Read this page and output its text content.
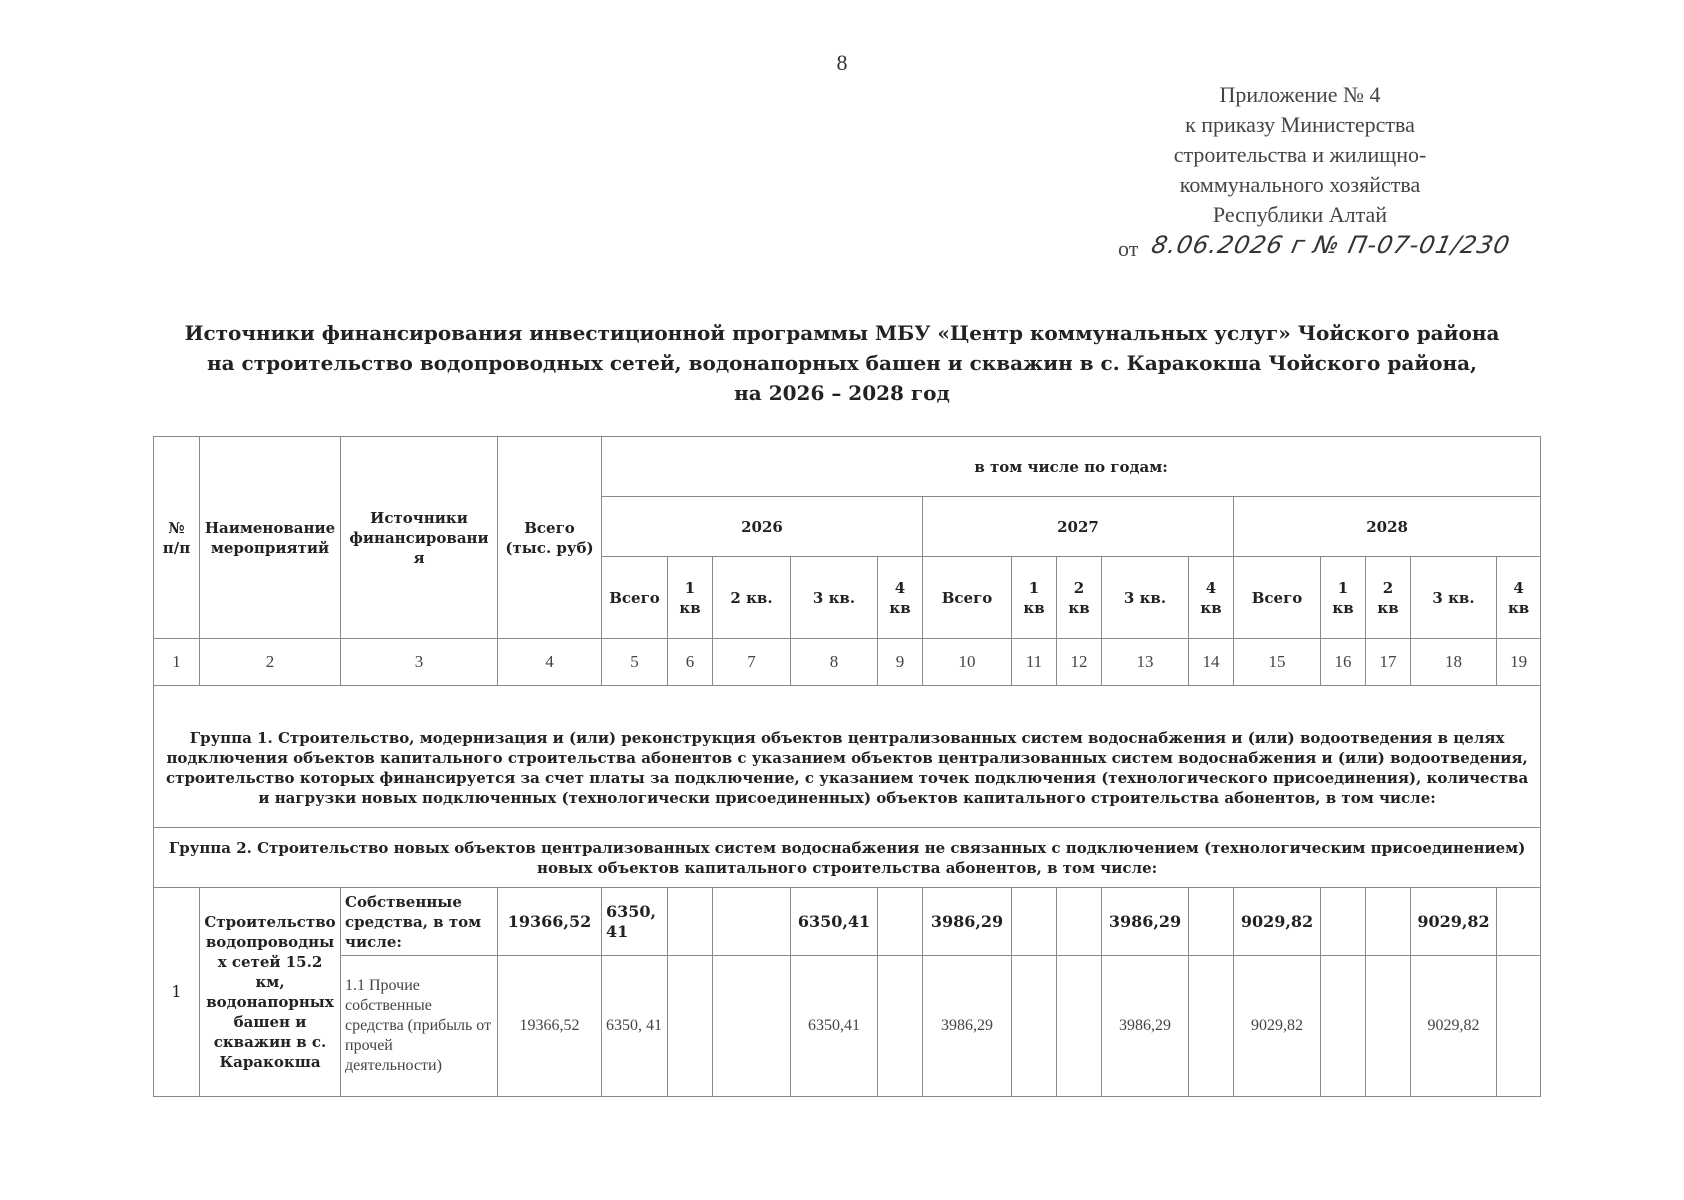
8
Приложение № 4
к приказу Министерства
строительства и жилищно-
коммунального хозяйства
Республики Алтай
от 8.06.2026 г № П-07-01/230
Источники финансирования инвестиционной программы МБУ «Центр коммунальных услуг» Чойского района
на строительство водопроводных сетей, водонапорных башен и скважин в с. Каракокша Чойского района,
на 2026 – 2028 год
№ п/п	Наименование мероприятий	Источники финансирования	Всего (тыс. руб)	в том числе по годам:														
				2026					2027					2028				
				Всего	1 кв	2 кв.	3 кв.	4 кв	Всего	1 кв	2 кв	3 кв.	4 кв	Всего	1 кв	2 кв	3 кв.	4 кв
1	2	3	4	5	6	7	8	9	10	11	12	13	14	15	16	17	18	19
Группа 1. Строительство, модернизация и (или) реконструкция объектов централизованных систем водоснабжения и (или) водоотведения в целях подключения объектов капитального строительства абонентов с указанием объектов централизованных систем водоснабжения и (или) водоотведения, строительство которых финансируется за счет платы за подключение, с указанием точек подключения (технологического присоединения), количества и нагрузки новых подключенных (технологически присоединенных) объектов капитального строительства абонентов, в том числе:																		
Группа 2. Строительство новых объектов централизованных систем водоснабжения не связанных с подключением (технологическим присоединением) новых объектов капитального строительства абонентов, в том числе:																		
1	Строительство водопроводных сетей 15.2 км, водонапорных башен и скважин в с. Каракокша	Собственные средства, в том числе:	19366,52	6350, 41			6350,41		3986,29			3986,29		9029,82			9029,82	
		1.1 Прочие собственные средства (прибыль от прочей деятельности)	19366,52	6350, 41			6350,41		3986,29			3986,29		9029,82			9029,82	
